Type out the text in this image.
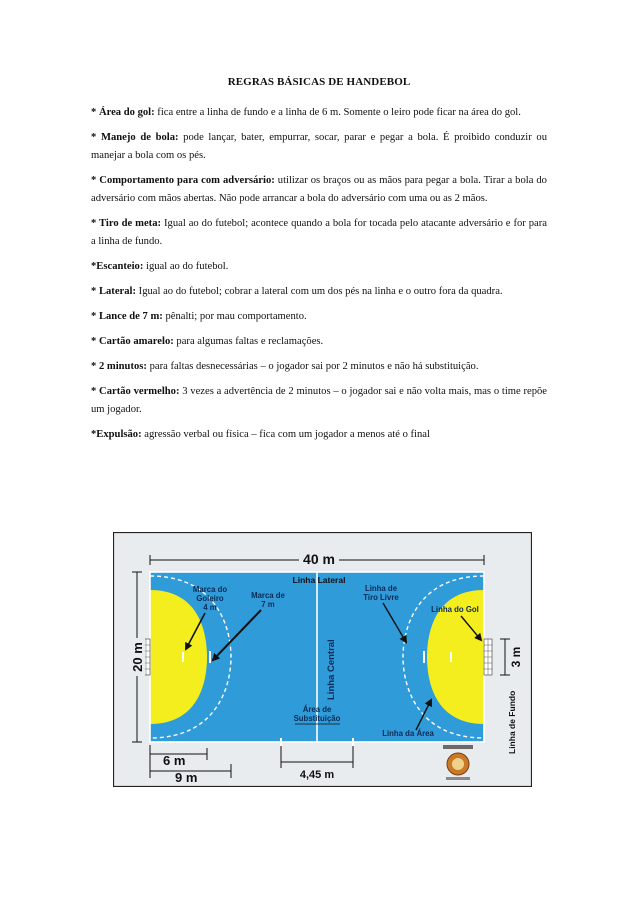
REGRAS BÁSICAS DE HANDEBOL

* Área do gol: fica entre a linha de fundo e a linha de 6 m. Somente o leiro pode ficar na área do gol.

* Manejo de bola: pode lançar, bater, empurrar, socar, parar e pegar a bola. É proibido conduzir ou manejar a bola com os pés.

* Comportamento para com adversário: utilizar os braços ou as mãos para pegar a bola. Tirar a bola do adversário com mãos abertas. Não pode arrancar a bola do adversário com uma ou as 2 mãos.

* Tiro de meta: Igual ao do futebol; acontece quando a bola for tocada pelo atacante adversário e for para a linha de fundo.

*Escanteio: igual ao do futebol.

* Lateral: Igual ao do futebol; cobrar a lateral com um dos pés na linha e o outro fora da quadra.

* Lance de 7 m: pênalti; por mau comportamento.

* Cartão amarelo: para algumas faltas e reclamações.

* 2 minutos: para faltas desnecessárias – o jogador sai por 2 minutos e não há substituição.

* Cartão vermelho: 3 vezes a advertência de 2 minutos – o jogador sai e não volta mais, mas o time repõe um jogador.

*Expulsão: agressão verbal ou física – fica com um jogador a menos até o final

40 m
Linha Lateral
20 m	3 m
Linha de Fundo
6 m
9 m	4,45 m
Linha Central
Marca do
Goleiro
4 m
Marca de
7 m
Linha de
Tiro Livre
Linha do Gol
Área de
Substituição
Linha da Área
